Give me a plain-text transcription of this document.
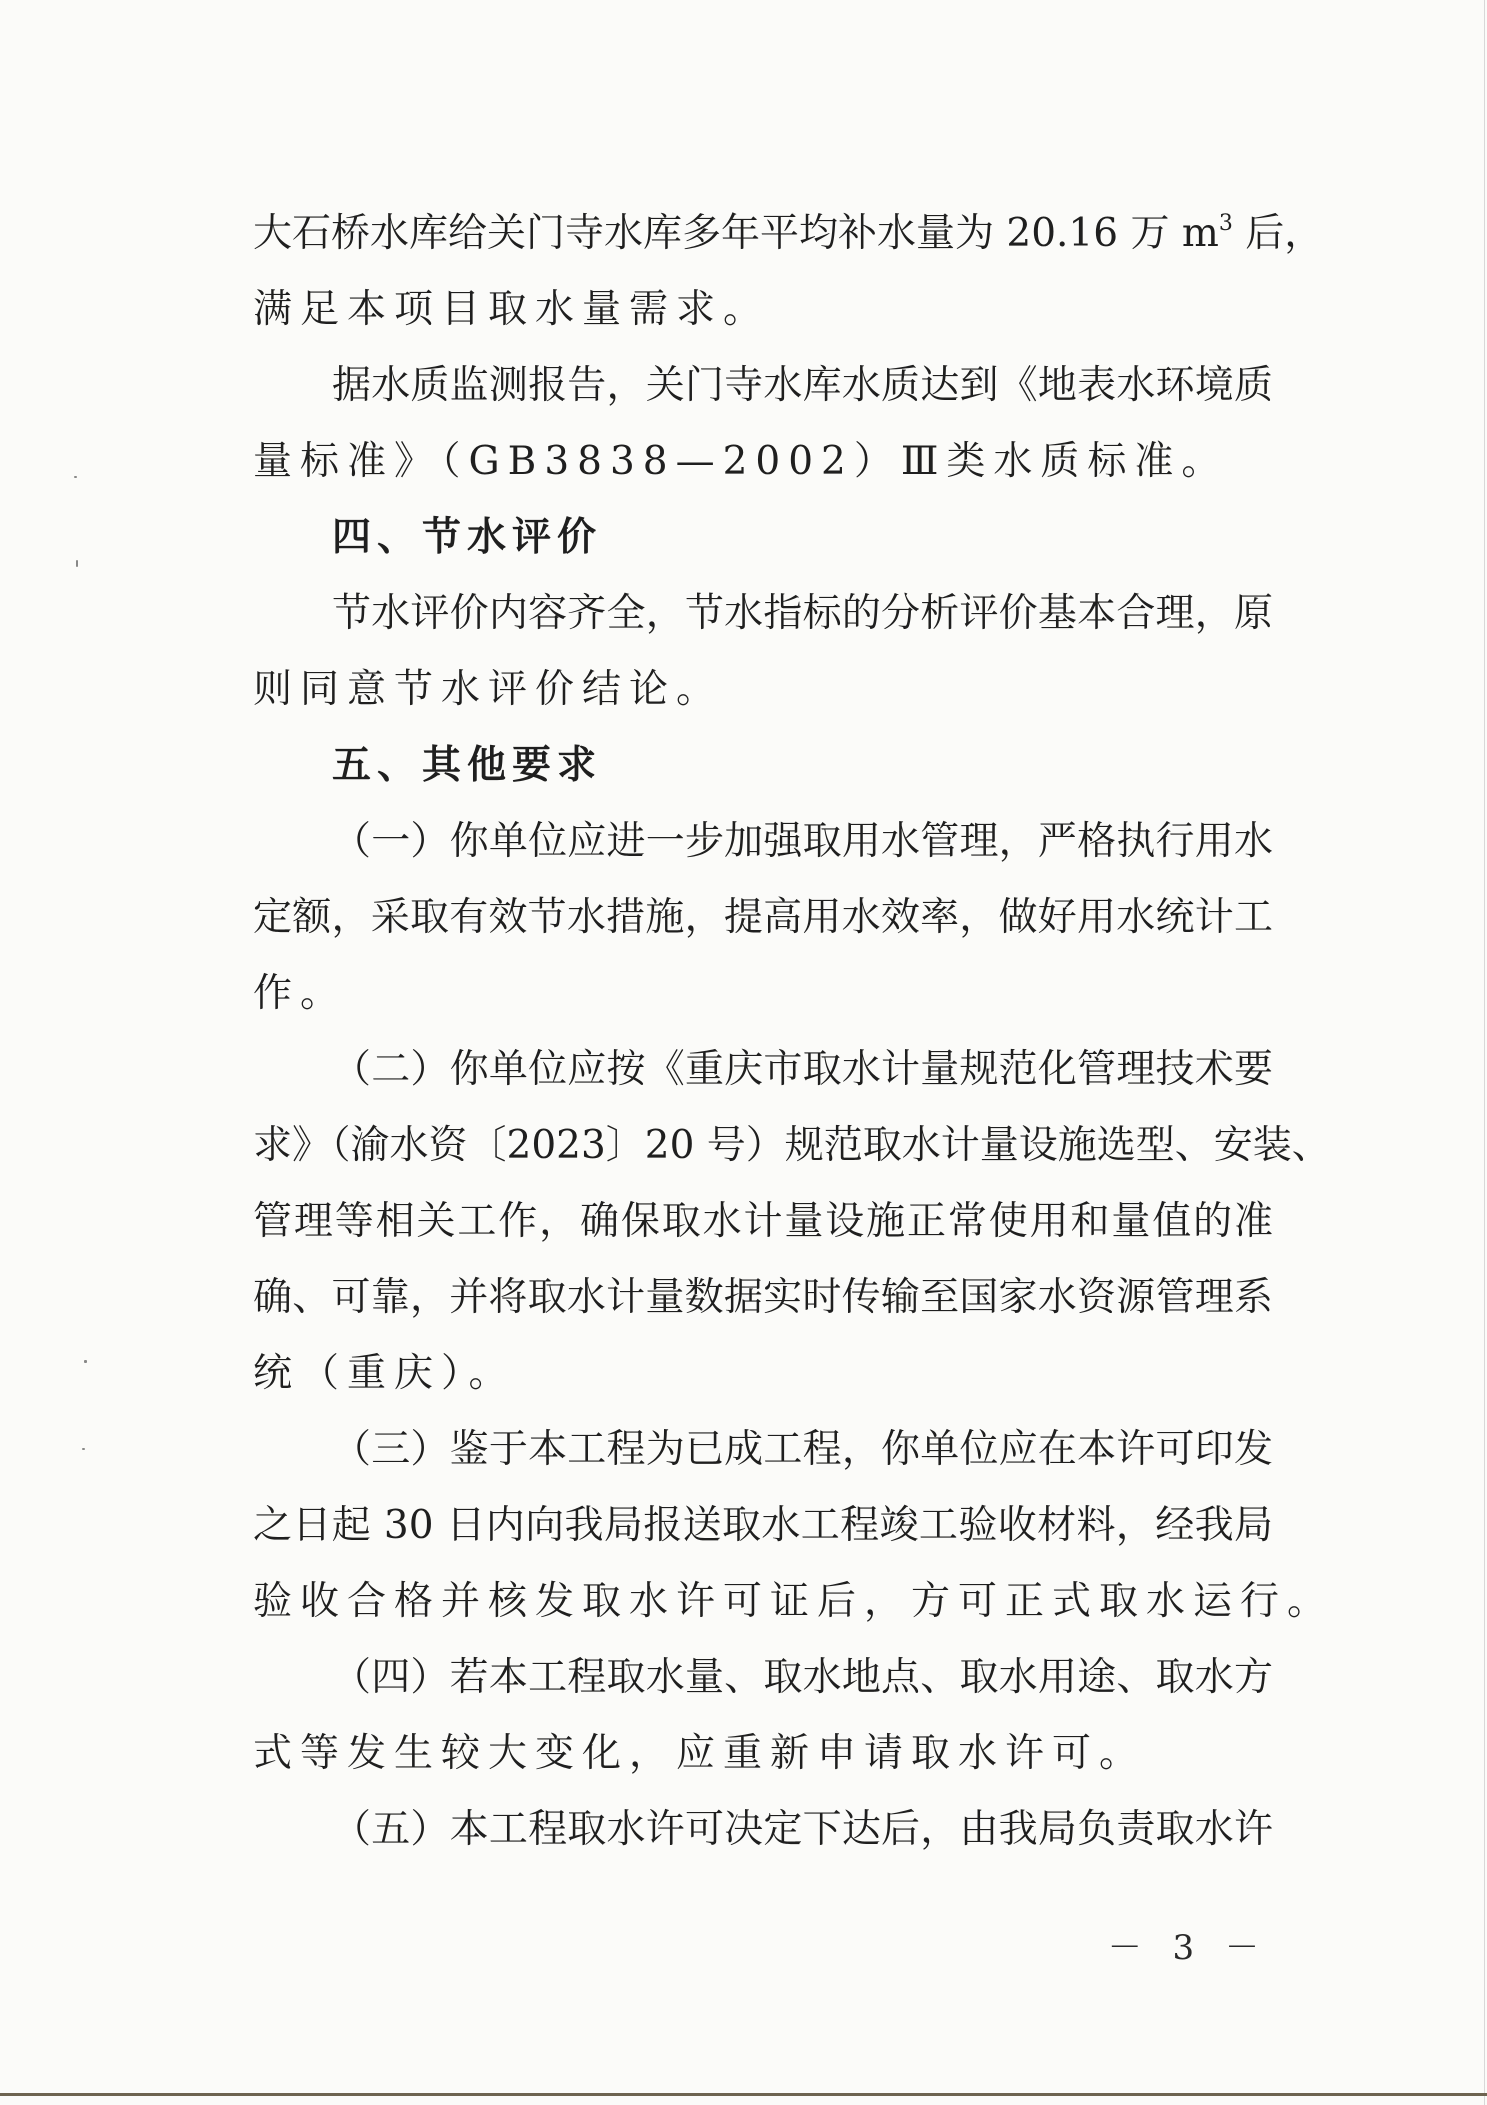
大石桥水库给关门寺水库多年平均补水量为 20.16 万 $m^3$ 后，
满足本项目取水量需求。
据水质监测报告，关门寺水库水质达到《地表水环境质
量标准》（GB3838—2002）Ⅲ类水质标准。
四、节水评价
节水评价内容齐全，节水指标的分析评价基本合理，原
则同意节水评价结论。
五、其他要求
（一）你单位应进一步加强取用水管理，严格执行用水
定额，采取有效节水措施，提高用水效率，做好用水统计工
作。
（二）你单位应按《重庆市取水计量规范化管理技术要
求》（渝水资〔2023〕20 号）规范取水计量设施选型、安装、
管理等相关工作，确保取水计量设施正常使用和量值的准
确、可靠，并将取水计量数据实时传输至国家水资源管理系
统（重庆）。
（三）鉴于本工程为已成工程，你单位应在本许可印发
之日起 30 日内向我局报送取水工程竣工验收材料，经我局
验收合格并核发取水许可证后，方可正式取水运行。
（四）若本工程取水量、取水地点、取水用途、取水方
式等发生较大变化，应重新申请取水许可。
（五）本工程取水许可决定下达后，由我局负责取水许
－ 3 －
